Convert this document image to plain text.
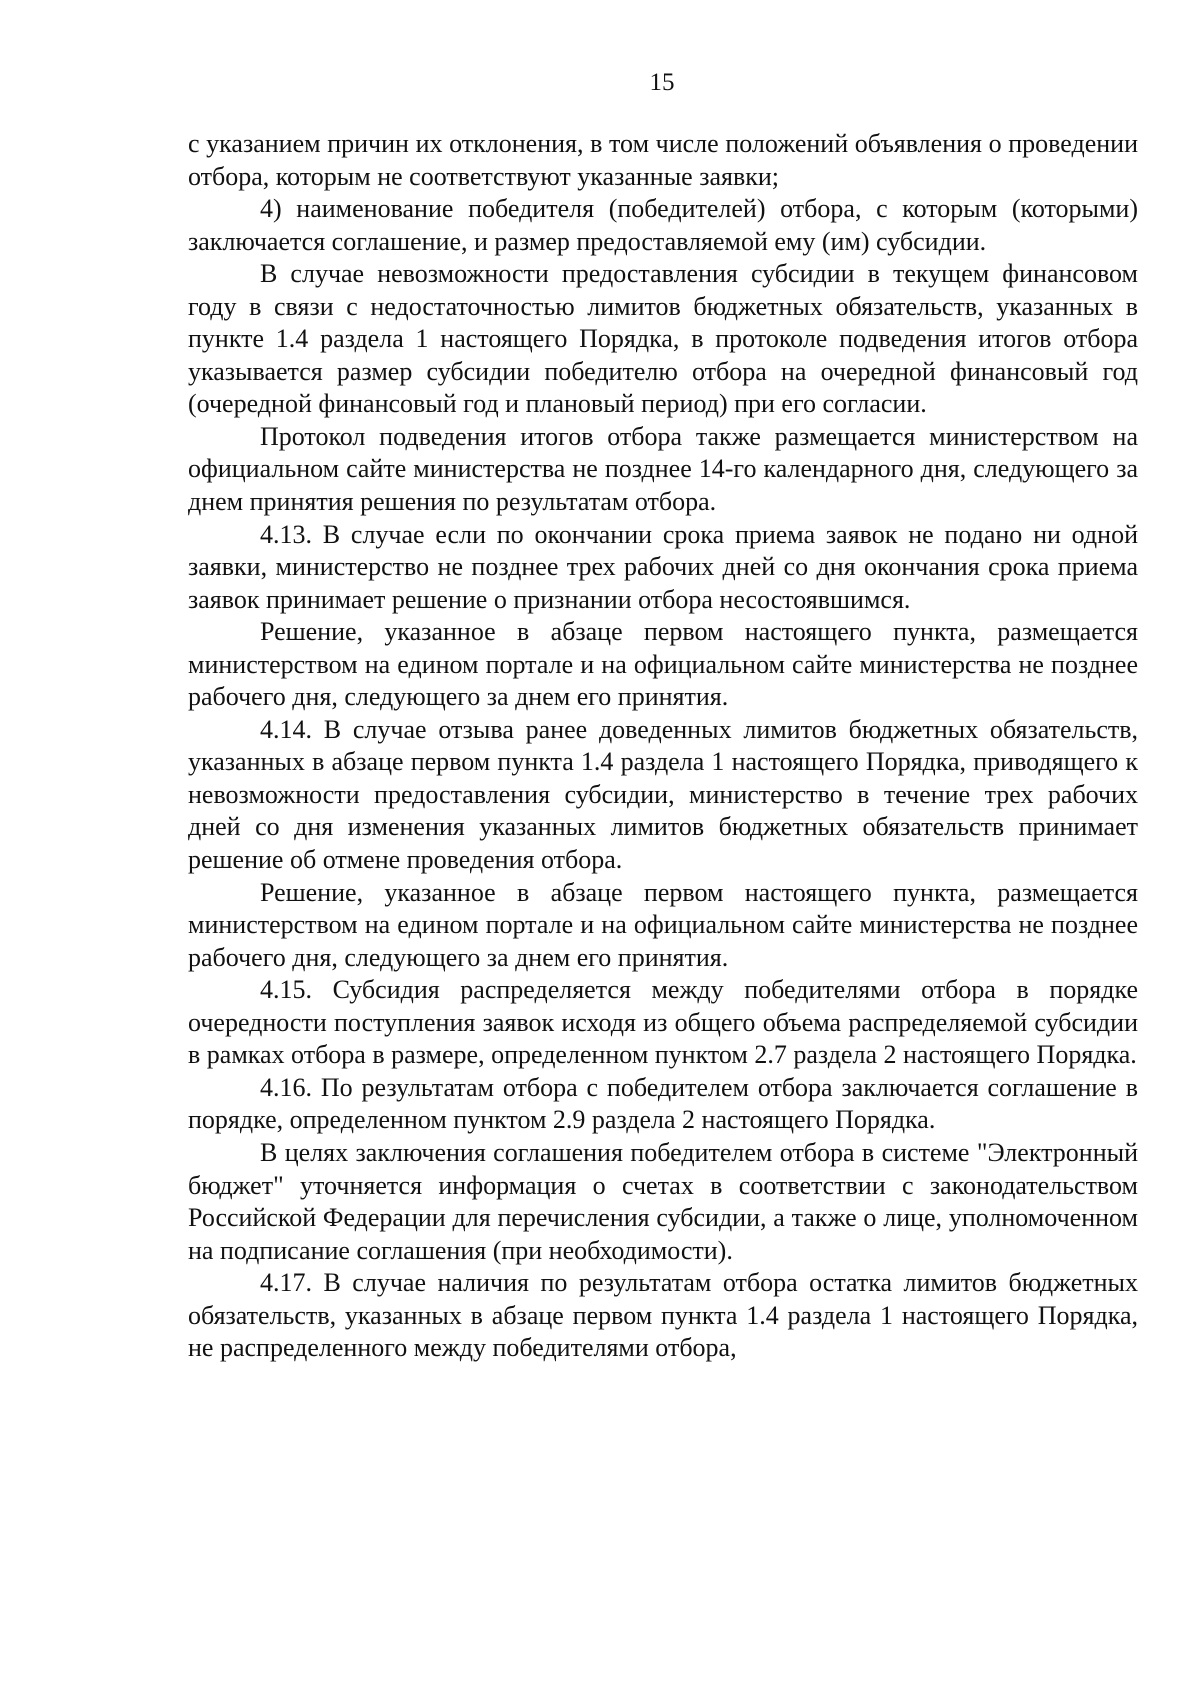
15

с указанием причин их отклонения, в том числе положений объявления о проведении отбора, которым не соответствуют указанные заявки;

4) наименование победителя (победителей) отбора, с которым (которыми) заключается соглашение, и размер предоставляемой ему (им) субсидии.

В случае невозможности предоставления субсидии в текущем финансовом году в связи с недостаточностью лимитов бюджетных обязательств, указанных в пункте 1.4 раздела 1 настоящего Порядка, в протоколе подведения итогов отбора указывается размер субсидии победителю отбора на очередной финансовый год (очередной финансовый год и плановый период) при его согласии.

Протокол подведения итогов отбора также размещается министерством на официальном сайте министерства не позднее 14-го календарного дня, следующего за днем принятия решения по результатам отбора.

4.13. В случае если по окончании срока приема заявок не подано ни одной заявки, министерство не позднее трех рабочих дней со дня окончания срока приема заявок принимает решение о признании отбора несостоявшимся.

Решение, указанное в абзаце первом настоящего пункта, размещается министерством на едином портале и на официальном сайте министерства не позднее рабочего дня, следующего за днем его принятия.

4.14. В случае отзыва ранее доведенных лимитов бюджетных обязательств, указанных в абзаце первом пункта 1.4 раздела 1 настоящего Порядка, приводящего к невозможности предоставления субсидии, министерство в течение трех рабочих дней со дня изменения указанных лимитов бюджетных обязательств принимает решение об отмене проведения отбора.

Решение, указанное в абзаце первом настоящего пункта, размещается министерством на едином портале и на официальном сайте министерства не позднее рабочего дня, следующего за днем его принятия.

4.15. Субсидия распределяется между победителями отбора в порядке очередности поступления заявок исходя из общего объема распределяемой субсидии в рамках отбора в размере, определенном пунктом 2.7 раздела 2 настоящего Порядка.

4.16. По результатам отбора с победителем отбора заключается соглашение в порядке, определенном пунктом 2.9 раздела 2 настоящего Порядка.

В целях заключения соглашения победителем отбора в системе "Электронный бюджет" уточняется информация о счетах в соответствии с законодательством Российской Федерации для перечисления субсидии, а также о лице, уполномоченном на подписание соглашения (при необходимости).

4.17. В случае наличия по результатам отбора остатка лимитов бюджетных обязательств, указанных в абзаце первом пункта 1.4 раздела 1 настоящего Порядка, не распределенного между победителями отбора,
